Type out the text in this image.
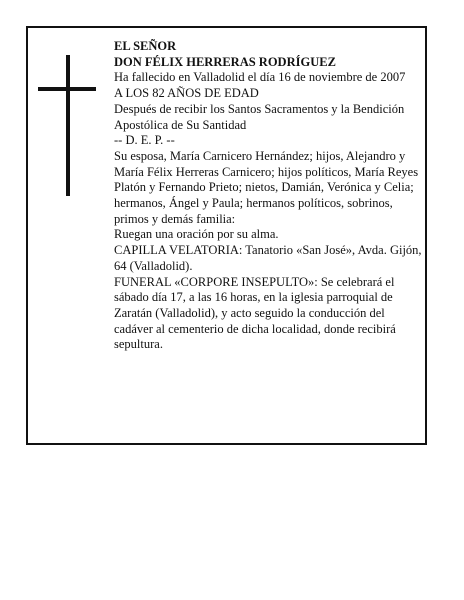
EL SEÑOR

DON FÉLIX HERRERAS RODRÍGUEZ

Ha fallecido en Valladolid el día 16 de noviembre de 2007

A LOS 82 AÑOS DE EDAD

Después de recibir los Santos Sacramentos y la Bendición Apostólica de Su Santidad

-- D. E. P. --

Su esposa, María Carnicero Hernández; hijos, Alejandro y María Félix Herreras Carnicero; hijos políticos, María Reyes Platón y Fernando Prieto; nietos, Damián, Verónica y Celia; hermanos, Ángel y Paula; hermanos políticos, sobrinos, primos y demás familia:

Ruegan una oración por su alma.

CAPILLA VELATORIA: Tanatorio «San José», Avda. Gijón, 64 (Valladolid).

FUNERAL «CORPORE INSEPULTO»: Se celebrará el sábado día 17, a las 16 horas, en la iglesia parroquial de Zaratán (Valladolid), y acto seguido la conducción del cadáver al cementerio de dicha localidad, donde recibirá sepultura.
